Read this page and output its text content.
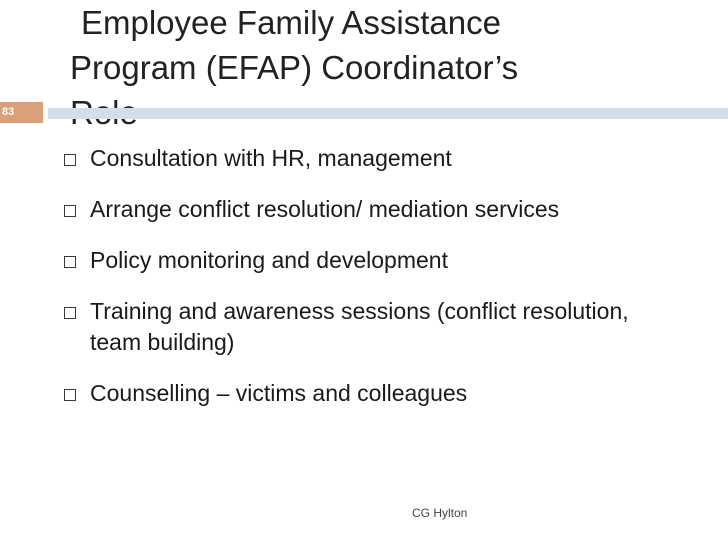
Employee Family Assistance
Program (EFAP) Coordinator’s
83
Consultation with HR, management
Arrange conflict resolution/ mediation services
Policy monitoring and development
Training and awareness sessions (conflict resolution, team building)
Counselling – victims and colleagues
CG Hylton
